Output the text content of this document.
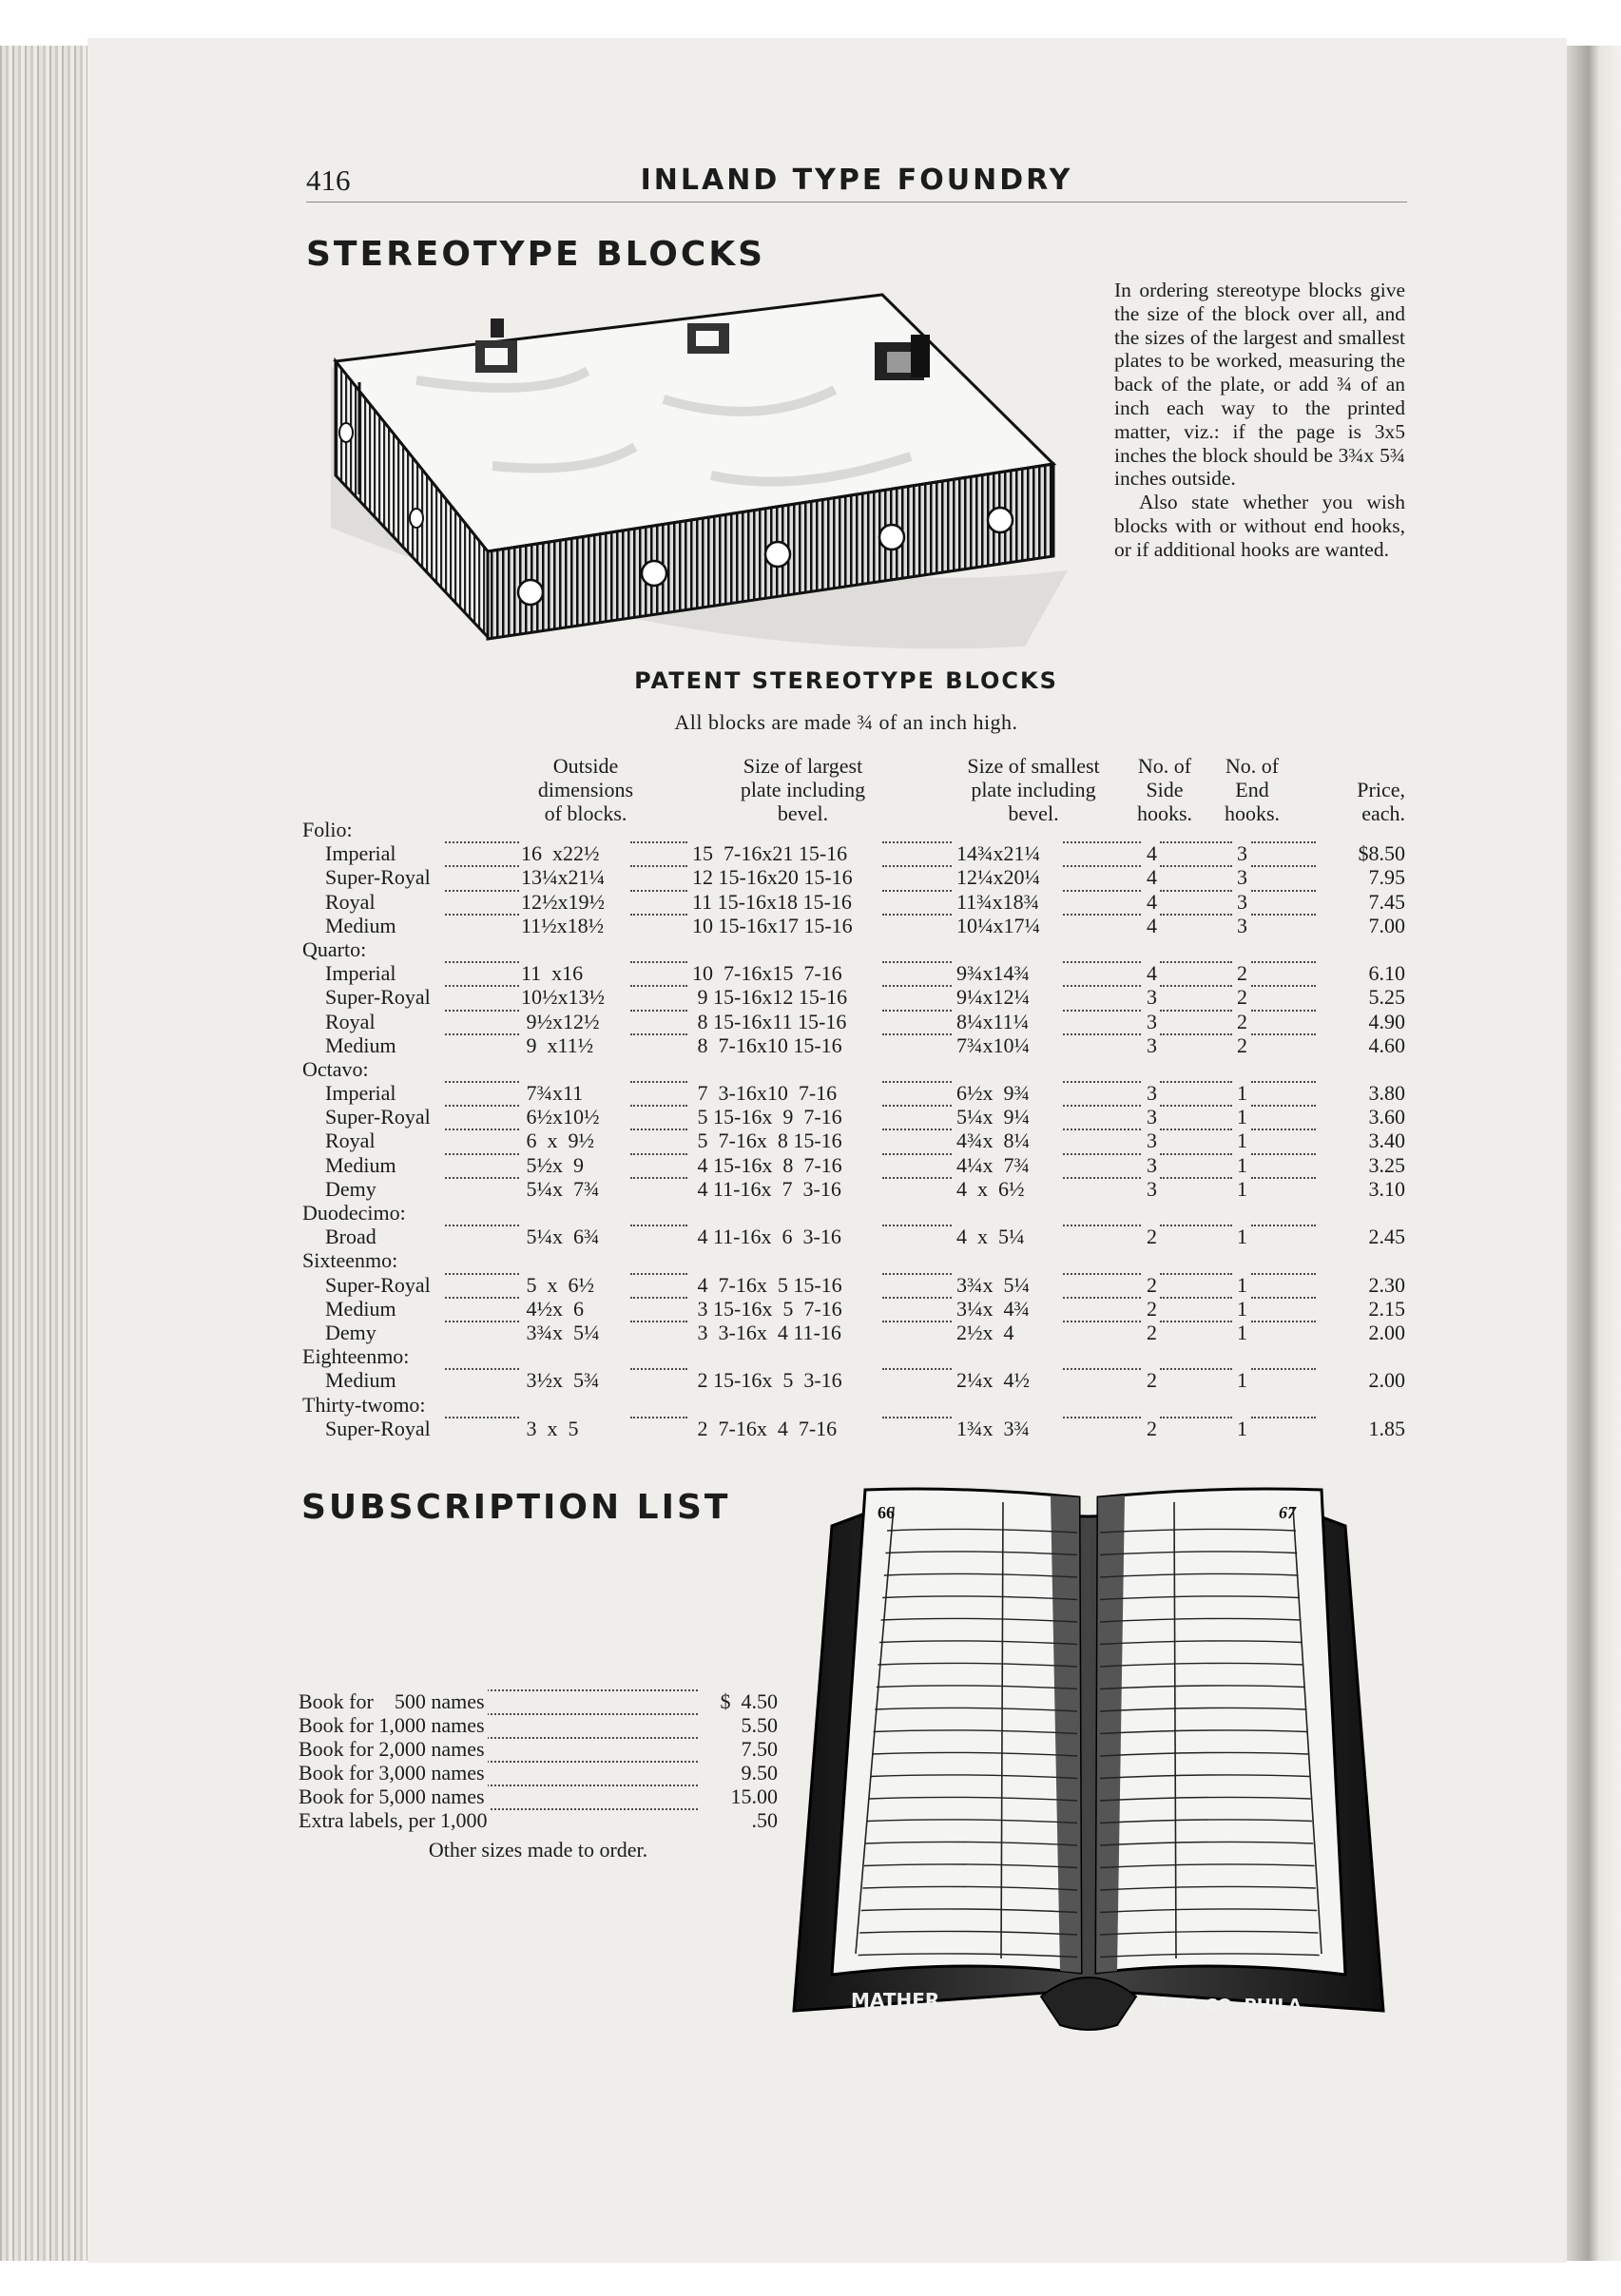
416	INLAND TYPE FOUNDRY
STEREOTYPE BLOCKS

In ordering stereotype blocks give the size of the block over all, and the sizes of the largest and smallest plates to be worked, measuring the back of the plate, or add ¾ of an inch each way to the printed matter, viz.: if the page is 3x5 inches the block should be 3¾x 5¾ inches outside.

Also state whether you wish blocks with or without end hooks, or if additional hooks are wanted.

PATENT STEREOTYPE BLOCKS
All blocks are made ¾ of an inch high.
Outside
dimensions
of blocks.
Size of largest
plate including
bevel.
Size of smallest
plate including
bevel.
No. of
Side
hooks.
No. of
End
hooks.
Price,
each.
Folio:
Imperial	16  x22½	15  7-16x21 15-16	14¾x21¼	4	3	$8.50
Super-Royal	13¼x21¼	12 15-16x20 15-16	12¼x20¼	4	3	7.95
Royal	12½x19½	11 15-16x18 15-16	11¾x18¾	4	3	7.45
Medium	11½x18½	10 15-16x17 15-16	10¼x17¼	4	3	7.00
Quarto:
Imperial	11  x16	10  7-16x15  7-16	9¾x14¾	4	2	6.10
Super-Royal	10½x13½	9 15-16x12 15-16	9¼x12¼	3	2	5.25
Royal	9½x12½	8 15-16x11 15-16	8¼x11¼	3	2	4.90
Medium	9  x11½	8  7-16x10 15-16	7¾x10¼	3	2	4.60
Octavo:
Imperial	7¾x11	7  3-16x10  7-16	6½x  9¾	3	1	3.80
Super-Royal	6½x10½	5 15-16x  9  7-16	5¼x  9¼	3	1	3.60
Royal	6  x  9½	5  7-16x  8 15-16	4¾x  8¼	3	1	3.40
Medium	5½x  9	4 15-16x  8  7-16	4¼x  7¾	3	1	3.25
Demy	5¼x  7¾	4 11-16x  7  3-16	4  x  6½	3	1	3.10
Duodecimo:
Broad	5¼x  6¾	4 11-16x  6  3-16	4  x  5¼	2	1	2.45
Sixteenmo:
Super-Royal	5  x  6½	4  7-16x  5 15-16	3¾x  5¼	2	1	2.30
Medium	4½x  6	3 15-16x  5  7-16	3¼x  4¾	2	1	2.15
Demy	3¾x  5¼	3  3-16x  4 11-16	2½x  4	2	1	2.00
Eighteenmo:
Medium	3½x  5¾	2 15-16x  5  3-16	2¼x  4½	2	1	2.00
Thirty-twomo:
Super-Royal	3  x  5	2  7-16x  4  7-16	1¾x  3¾	2	1	1.85
SUBSCRIPTION LIST
Book for    500 names	$  4.50
Book for 1,000 names	5.50
Book for 2,000 names	7.50
Book for 3,000 names	9.50
Book for 5,000 names	15.00
Extra labels, per 1,000	.50
Other sizes made to order.
66	67
MATHER	MF'G.CO. PHILA.
